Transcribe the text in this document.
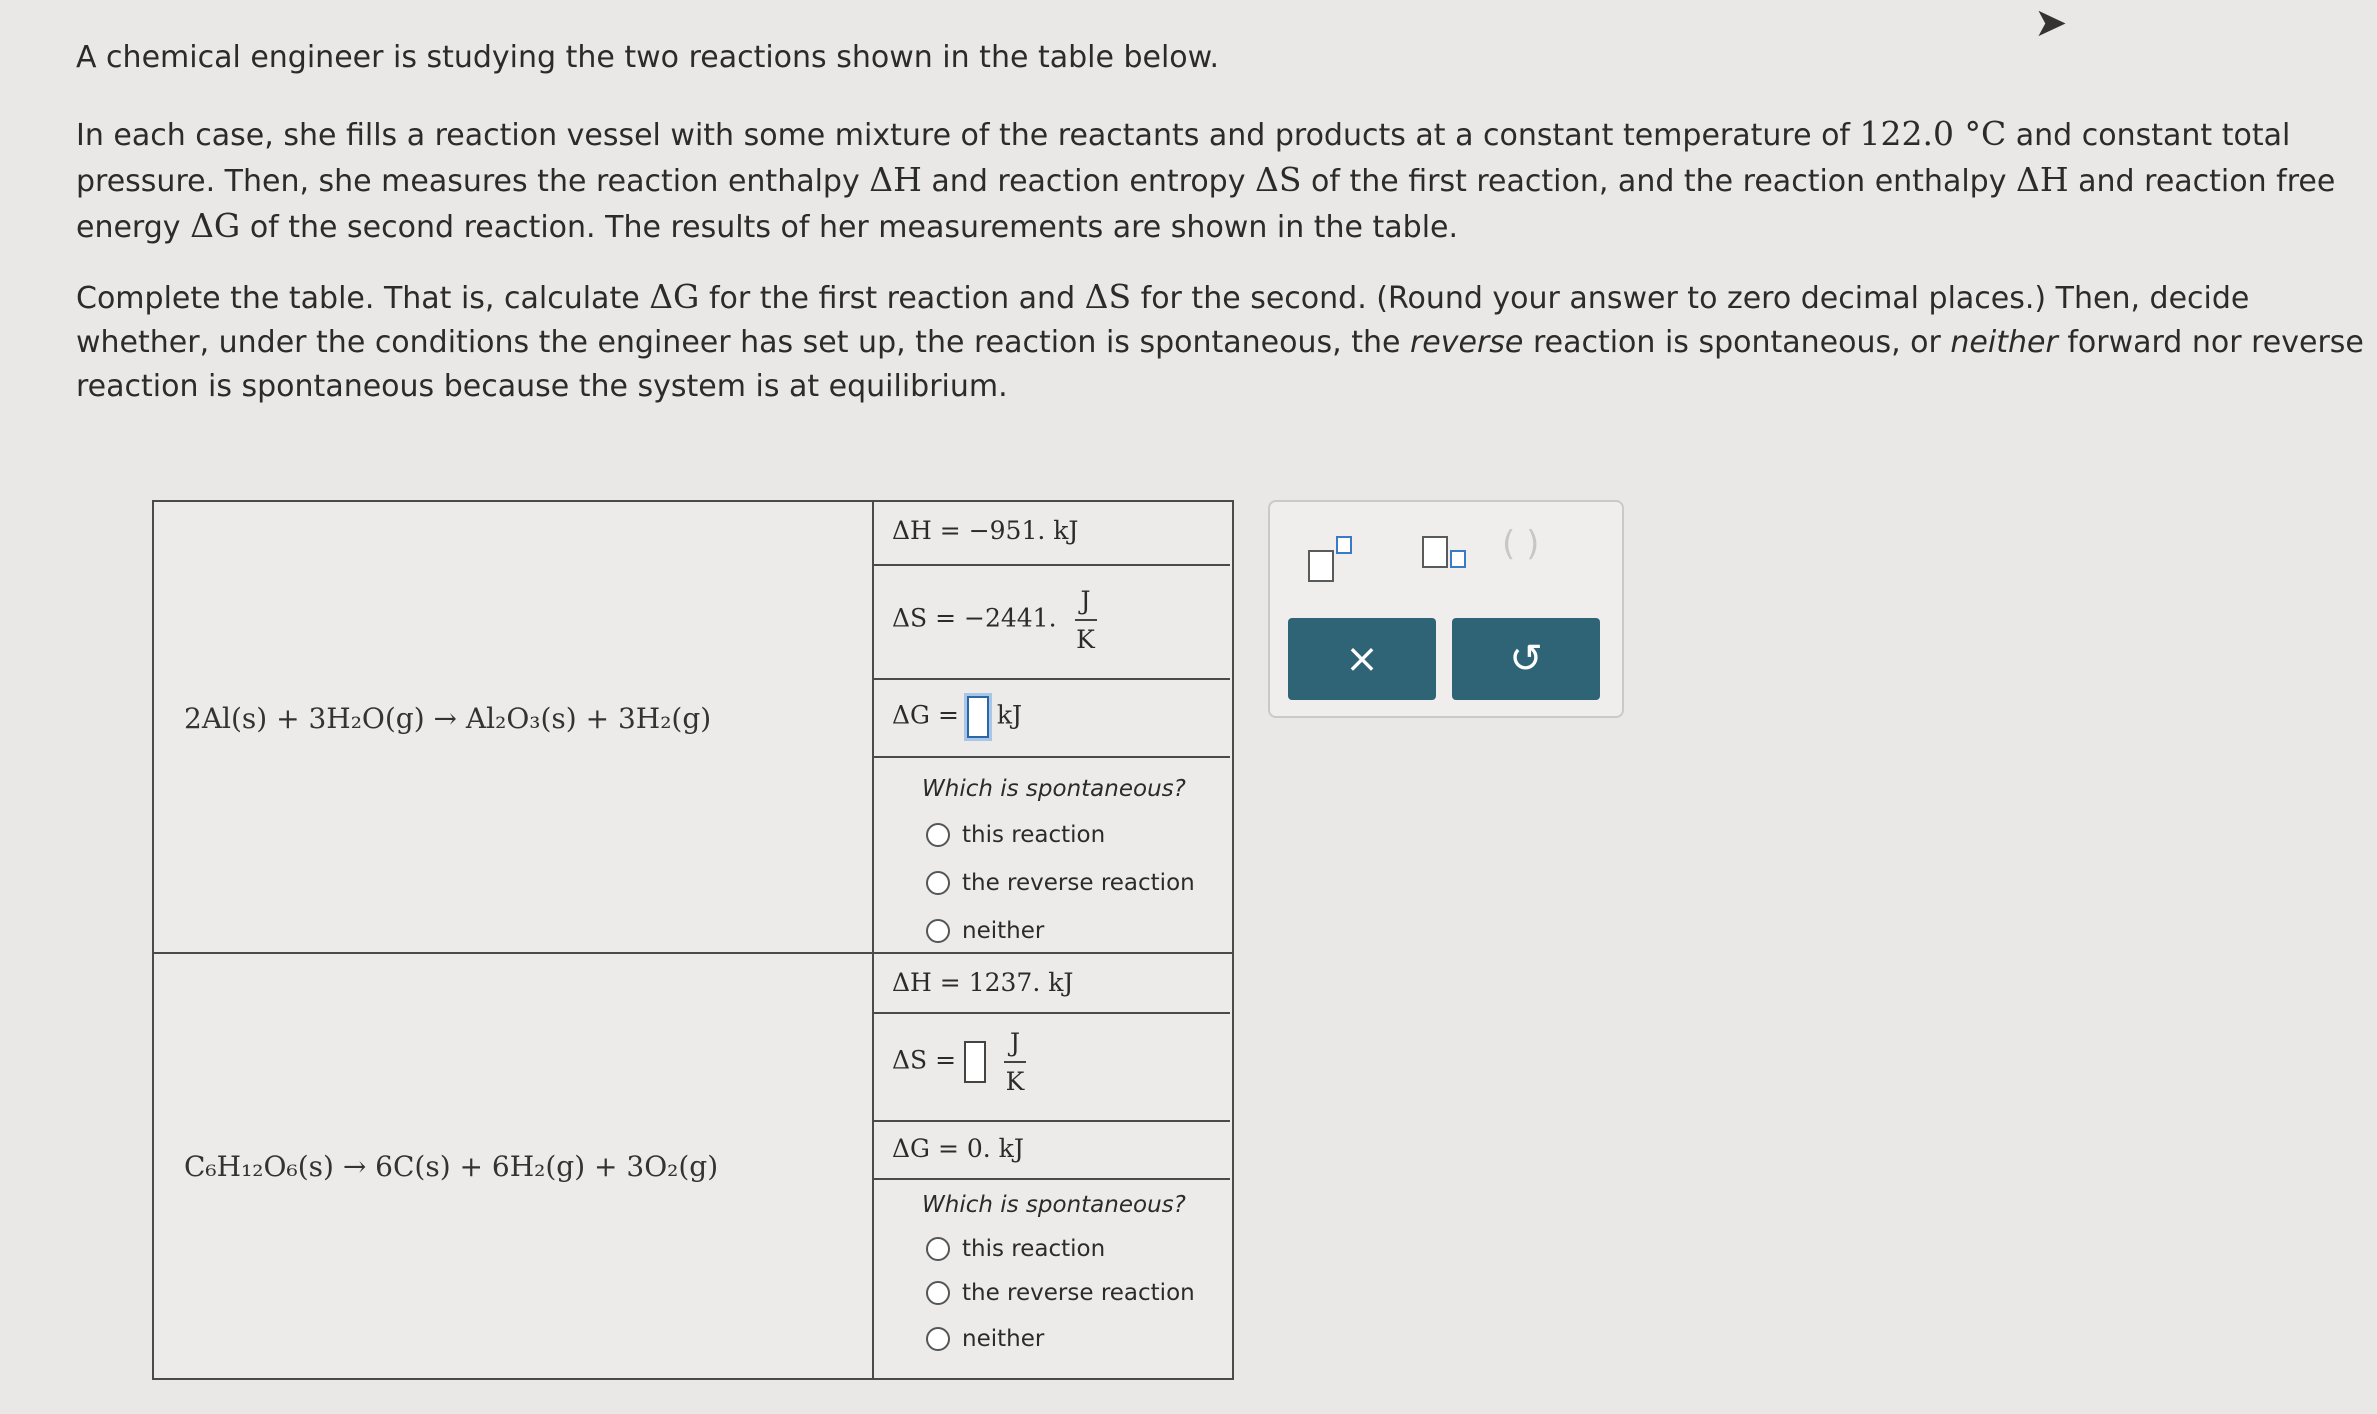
A chemical engineer is studying the two reactions shown in the table below.
In each case, she fills a reaction vessel with some mixture of the reactants and products at a constant temperature of 122.0 °C and constant total pressure. Then, she measures the reaction enthalpy ΔH and reaction entropy ΔS of the first reaction, and the reaction enthalpy ΔH and reaction free energy ΔG of the second reaction. The results of her measurements are shown in the table.
Complete the table. That is, calculate ΔG for the first reaction and ΔS for the second. (Round your answer to zero decimal places.) Then, decide whether, under the conditions the engineer has set up, the reaction is spontaneous, the reverse reaction is spontaneous, or neither forward nor reverse reaction is spontaneous because the system is at equilibrium.
2Al(s) + 3H₂O(g) → Al₂O₃(s) + 3H₂(g)
ΔH = −951. kJ
ΔS = −2441. $\frac{J}{K}$
ΔG = kJ
Which is spontaneous?
this reaction
the reverse reaction
neither
C₆H₁₂O₆(s) → 6C(s) + 6H₂(g) + 3O₂(g)
ΔH = 1237. kJ
$\Delta S = \frac{J}{K}$
ΔG = 0. kJ
Which is spontaneous?
this reaction
the reverse reaction
neither
( )
×	↺
➤
